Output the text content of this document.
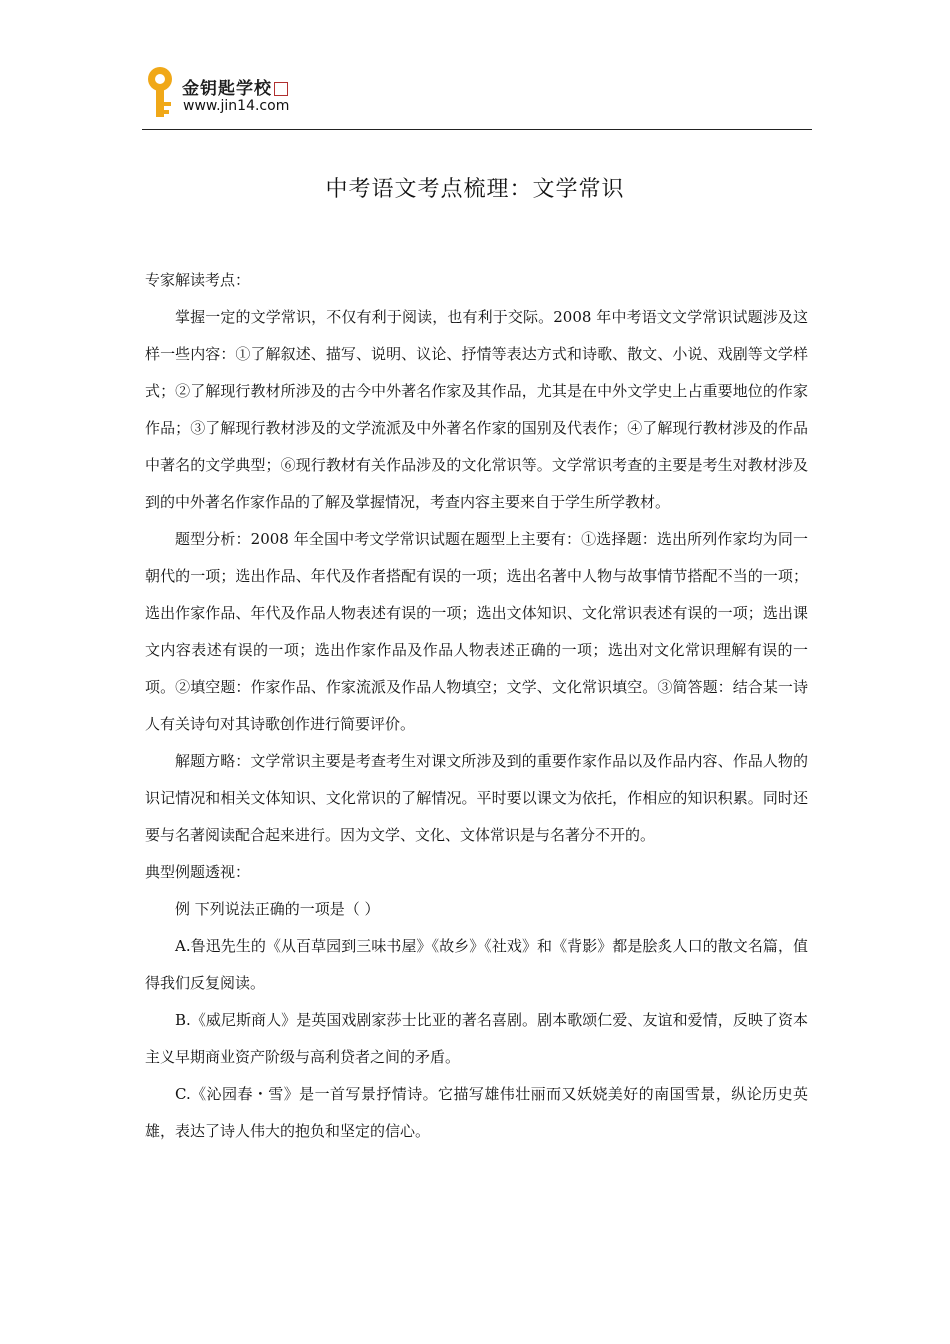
金钥匙学校
www.jin14.com
中考语文考点梳理：文学常识

专家解读考点：

掌握一定的文学常识，不仅有利于阅读，也有利于交际。2008 年中考语文文学常识试题涉及这样一些内容：①了解叙述、描写、说明、议论、抒情等表达方式和诗歌、散文、小说、戏剧等文学样式；②了解现行教材所涉及的古今中外著名作家及其作品，尤其是在中外文学史上占重要地位的作家作品；③了解现行教材涉及的文学流派及中外著名作家的国别及代表作；④了解现行教材涉及的作品中著名的文学典型；⑥现行教材有关作品涉及的文化常识等。文学常识考查的主要是考生对教材涉及到的中外著名作家作品的了解及掌握情况，考查内容主要来自于学生所学教材。

题型分析：2008 年全国中考文学常识试题在题型上主要有：①选择题：选出所列作家均为同一朝代的一项；选出作品、年代及作者搭配有误的一项；选出名著中人物与故事情节搭配不当的一项；选出作家作品、年代及作品人物表述有误的一项；选出文体知识、文化常识表述有误的一项；选出课文内容表述有误的一项；选出作家作品及作品人物表述正确的一项；选出对文化常识理解有误的一项。②填空题：作家作品、作家流派及作品人物填空；文学、文化常识填空。③简答题：结合某一诗人有关诗句对其诗歌创作进行简要评价。

解题方略：文学常识主要是考查考生对课文所涉及到的重要作家作品以及作品内容、作品人物的识记情况和相关文体知识、文化常识的了解情况。平时要以课文为依托，作相应的知识积累。同时还要与名著阅读配合起来进行。因为文学、文化、文体常识是与名著分不开的。

典型例题透视：

例 下列说法正确的一项是（ ）

A.鲁迅先生的《从百草园到三味书屋》《故乡》《社戏》和《背影》都是脍炙人口的散文名篇，值得我们反复阅读。

B.《威尼斯商人》是英国戏剧家莎士比亚的著名喜剧。剧本歌颂仁爱、友谊和爱情，反映了资本主义早期商业资产阶级与高利贷者之间的矛盾。

C.《沁园春・雪》是一首写景抒情诗。它描写雄伟壮丽而又妖娆美好的南国雪景，纵论历史英雄，表达了诗人伟大的抱负和坚定的信心。
